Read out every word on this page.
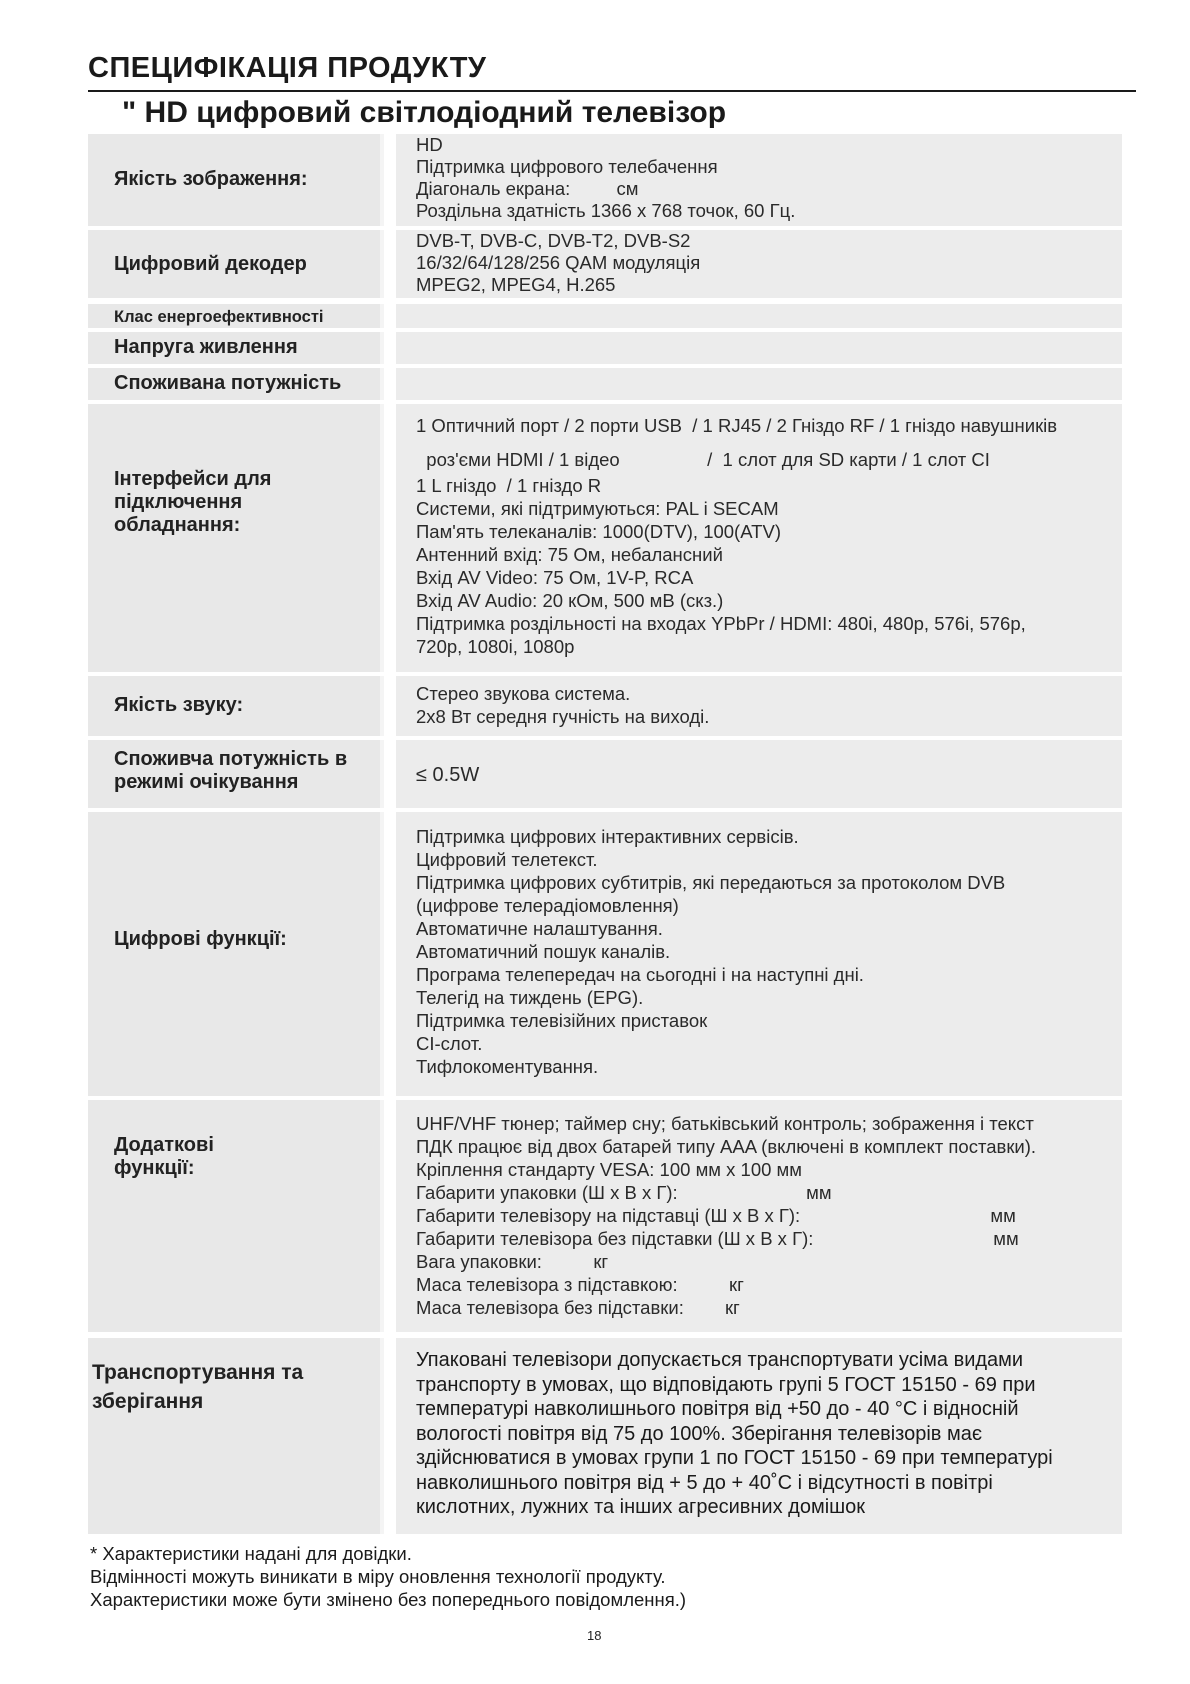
СПЕЦИФІКАЦІЯ ПРОДУКТУ
" HD цифровий світлодіодний телевізор
Якість зображення:
HD
Підтримка цифрового телебачення
Діагональ екрана:         см
Роздільна здатність 1366 x 768 точок, 60 Гц.
Цифровий декодер
DVB-T, DVB-C, DVB-T2, DVB-S2
16/32/64/128/256 QAM модуляція
MPEG2, MPEG4, H.265
Клас енергоефективності
Напруга живлення
Споживана потужність
Інтерфейси для підключення обладнання:
1 Оптичний порт / 2 порти USB  / 1 RJ45 / 2 Гніздо RF / 1 гніздо навушників
роз'єми HDMI / 1 відео                 /  1 слот для SD карти / 1 слот CI
1 L гніздо  / 1 гніздо R
Системи, які підтримуються: PAL і SECAM
Пам'ять телеканалів: 1000(DTV), 100(ATV)
Антенний вхід: 75 Ом, небалансний
Вхід AV Video: 75 Ом, 1V-P, RCA
Вхід AV Audio: 20 кОм, 500 мВ (скз.)
Підтримка роздільності на входах YPbPr / HDMI: 480i, 480p, 576i, 576p,
720p, 1080i, 1080p
Якість звуку:
Стерео звукова система.
2x8 Вт середня гучність на виході.
Споживча потужність в режимі очікування	≤ 0.5W
Цифрові функції:
Підтримка цифрових інтерактивних сервісів.
Цифровий телетекст.
Підтримка цифрових субтитрів, які передаються за протоколом DVB
(цифрове телерадіомовлення)
Автоматичне налаштування.
Автоматичний пошук каналів.
Програма телепередач на сьогодні і на наступні дні.
Телегід на тиждень (EPG).
Підтримка телевізійних приставок
CI-слот.
Тифлокоментування.
Додаткові функції:
UHF/VHF тюнер; таймер сну; батьківський контроль; зображення і текст
ПДК працює від двох батарей типу AAA (включені в комплект поставки).
Кріплення стандарту VESA: 100 мм x 100 мм
Габарити упаковки (Ш x В x Г):                         мм
Габарити телевізору на підставці (Ш x В x Г):                                     мм
Габарити телевізора без підставки (Ш x В x Г):                                   мм
Вага упаковки:          кг
Маса телевізора з підставкою:          кг
Маса телевізора без підставки:        кг
Транспортування та зберігання
Упаковані телевізори допускається транспортувати усіма видами
транспорту в умовах, що відповідають групі 5 ГОСТ 15150 - 69 при
температурі навколишнього повітря від +50 до - 40 °С і відносній
вологості повітря від 75 до 100%. Зберігання телевізорів має
здійснюватися в умовах групи 1 по ГОСТ 15150 - 69 при температурі
навколишнього повітря від + 5 до + 40˚С і відсутності в повітрі
кислотних, лужних та інших агресивних домішок
* Характеристики надані для довідки.
Відмінності можуть виникати в міру оновлення технології продукту.
Характеристики може бути змінено без попереднього повідомлення.)
18
